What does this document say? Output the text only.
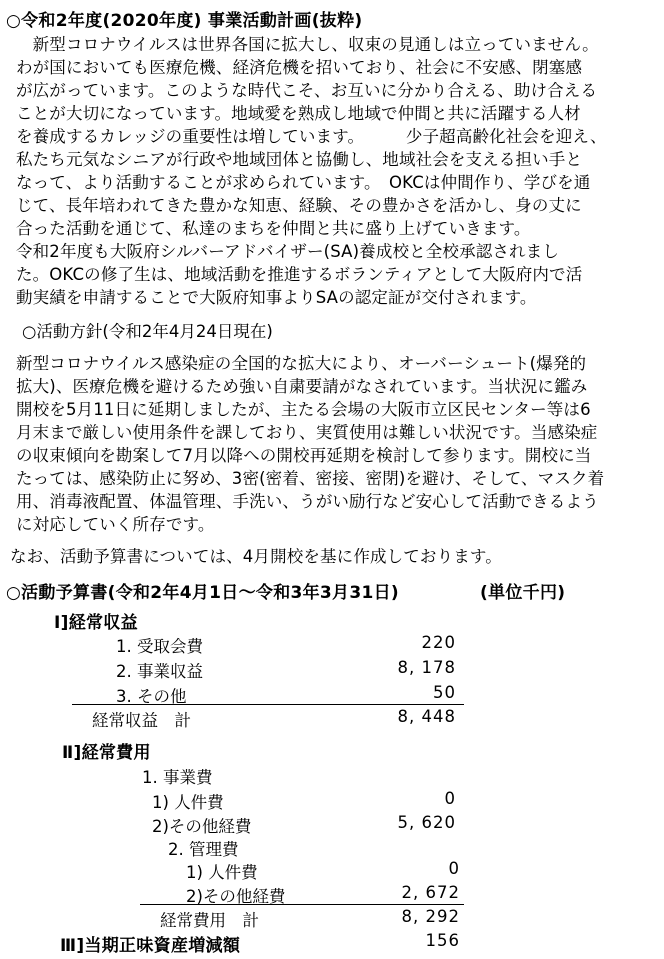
○令和2年度(2020年度) 事業活動計画(抜粋)
　新型コロナウイルスは世界各国に拡大し、収束の見通しは立っていません。
わが国においても医療危機、経済危機を招いており、社会に不安感、閉塞感
が広がっています。このような時代こそ、お互いに分かり合える、助け合える
ことが大切になっています。地域愛を熟成し地域で仲間と共に活躍する人材
を養成するカレッジの重要性は増しています。　　　少子超高齢化社会を迎え、
私たち元気なシニアが行政や地域団体と協働し、地域社会を支える担い手と
なって、より活動することが求められています。　OKCは仲間作り、学びを通
じて、長年培われてきた豊かな知恵、経験、その豊かさを活かし、身の丈に
合った活動を通じて、私達のまちを仲間と共に盛り上げていきます。
令和2年度も大阪府シルバーアドバイザー(SA)養成校と全校承認されまし
た。OKCの修了生は、地域活動を推進するボランティアとして大阪府内で活
動実績を申請することで大阪府知事よりSAの認定証が交付されます。
○活動方針(令和2年4月24日現在)
新型コロナウイルス感染症の全国的な拡大により、オーバーシュート(爆発的
拡大)、医療危機を避けるため強い自粛要請がなされています。当状況に鑑み
開校を5月11日に延期しましたが、主たる会場の大阪市立区民センター等は6
月末まで厳しい使用条件を課しており、実質使用は難しい状況です。当感染症
の収束傾向を勘案して7月以降への開校再延期を検討して参ります。開校に当
たっては、感染防止に努め、3密(密着、密接、密閉)を避け、そして、マスク着
用、消毒液配置、体温管理、手洗い、うがい励行など安心して活動できるよう
に対応していく所存です。
なお、活動予算書については、4月開校を基に作成しております。
○活動予算書(令和2年4月1日～令和3年3月31日)	(単位千円)
Ⅰ]経常収益
1. 受取会費	220
2. 事業収益	8, 178
3. その他	50
経常収益　計	8, 448
Ⅱ]経常費用
1. 事業費
1) 人件費	0
2)その他経費	5, 620
2. 管理費
1) 人件費	0
2)その他経費	2, 672
経常費用　計	8, 292
Ⅲ]当期正味資産増減額	156
